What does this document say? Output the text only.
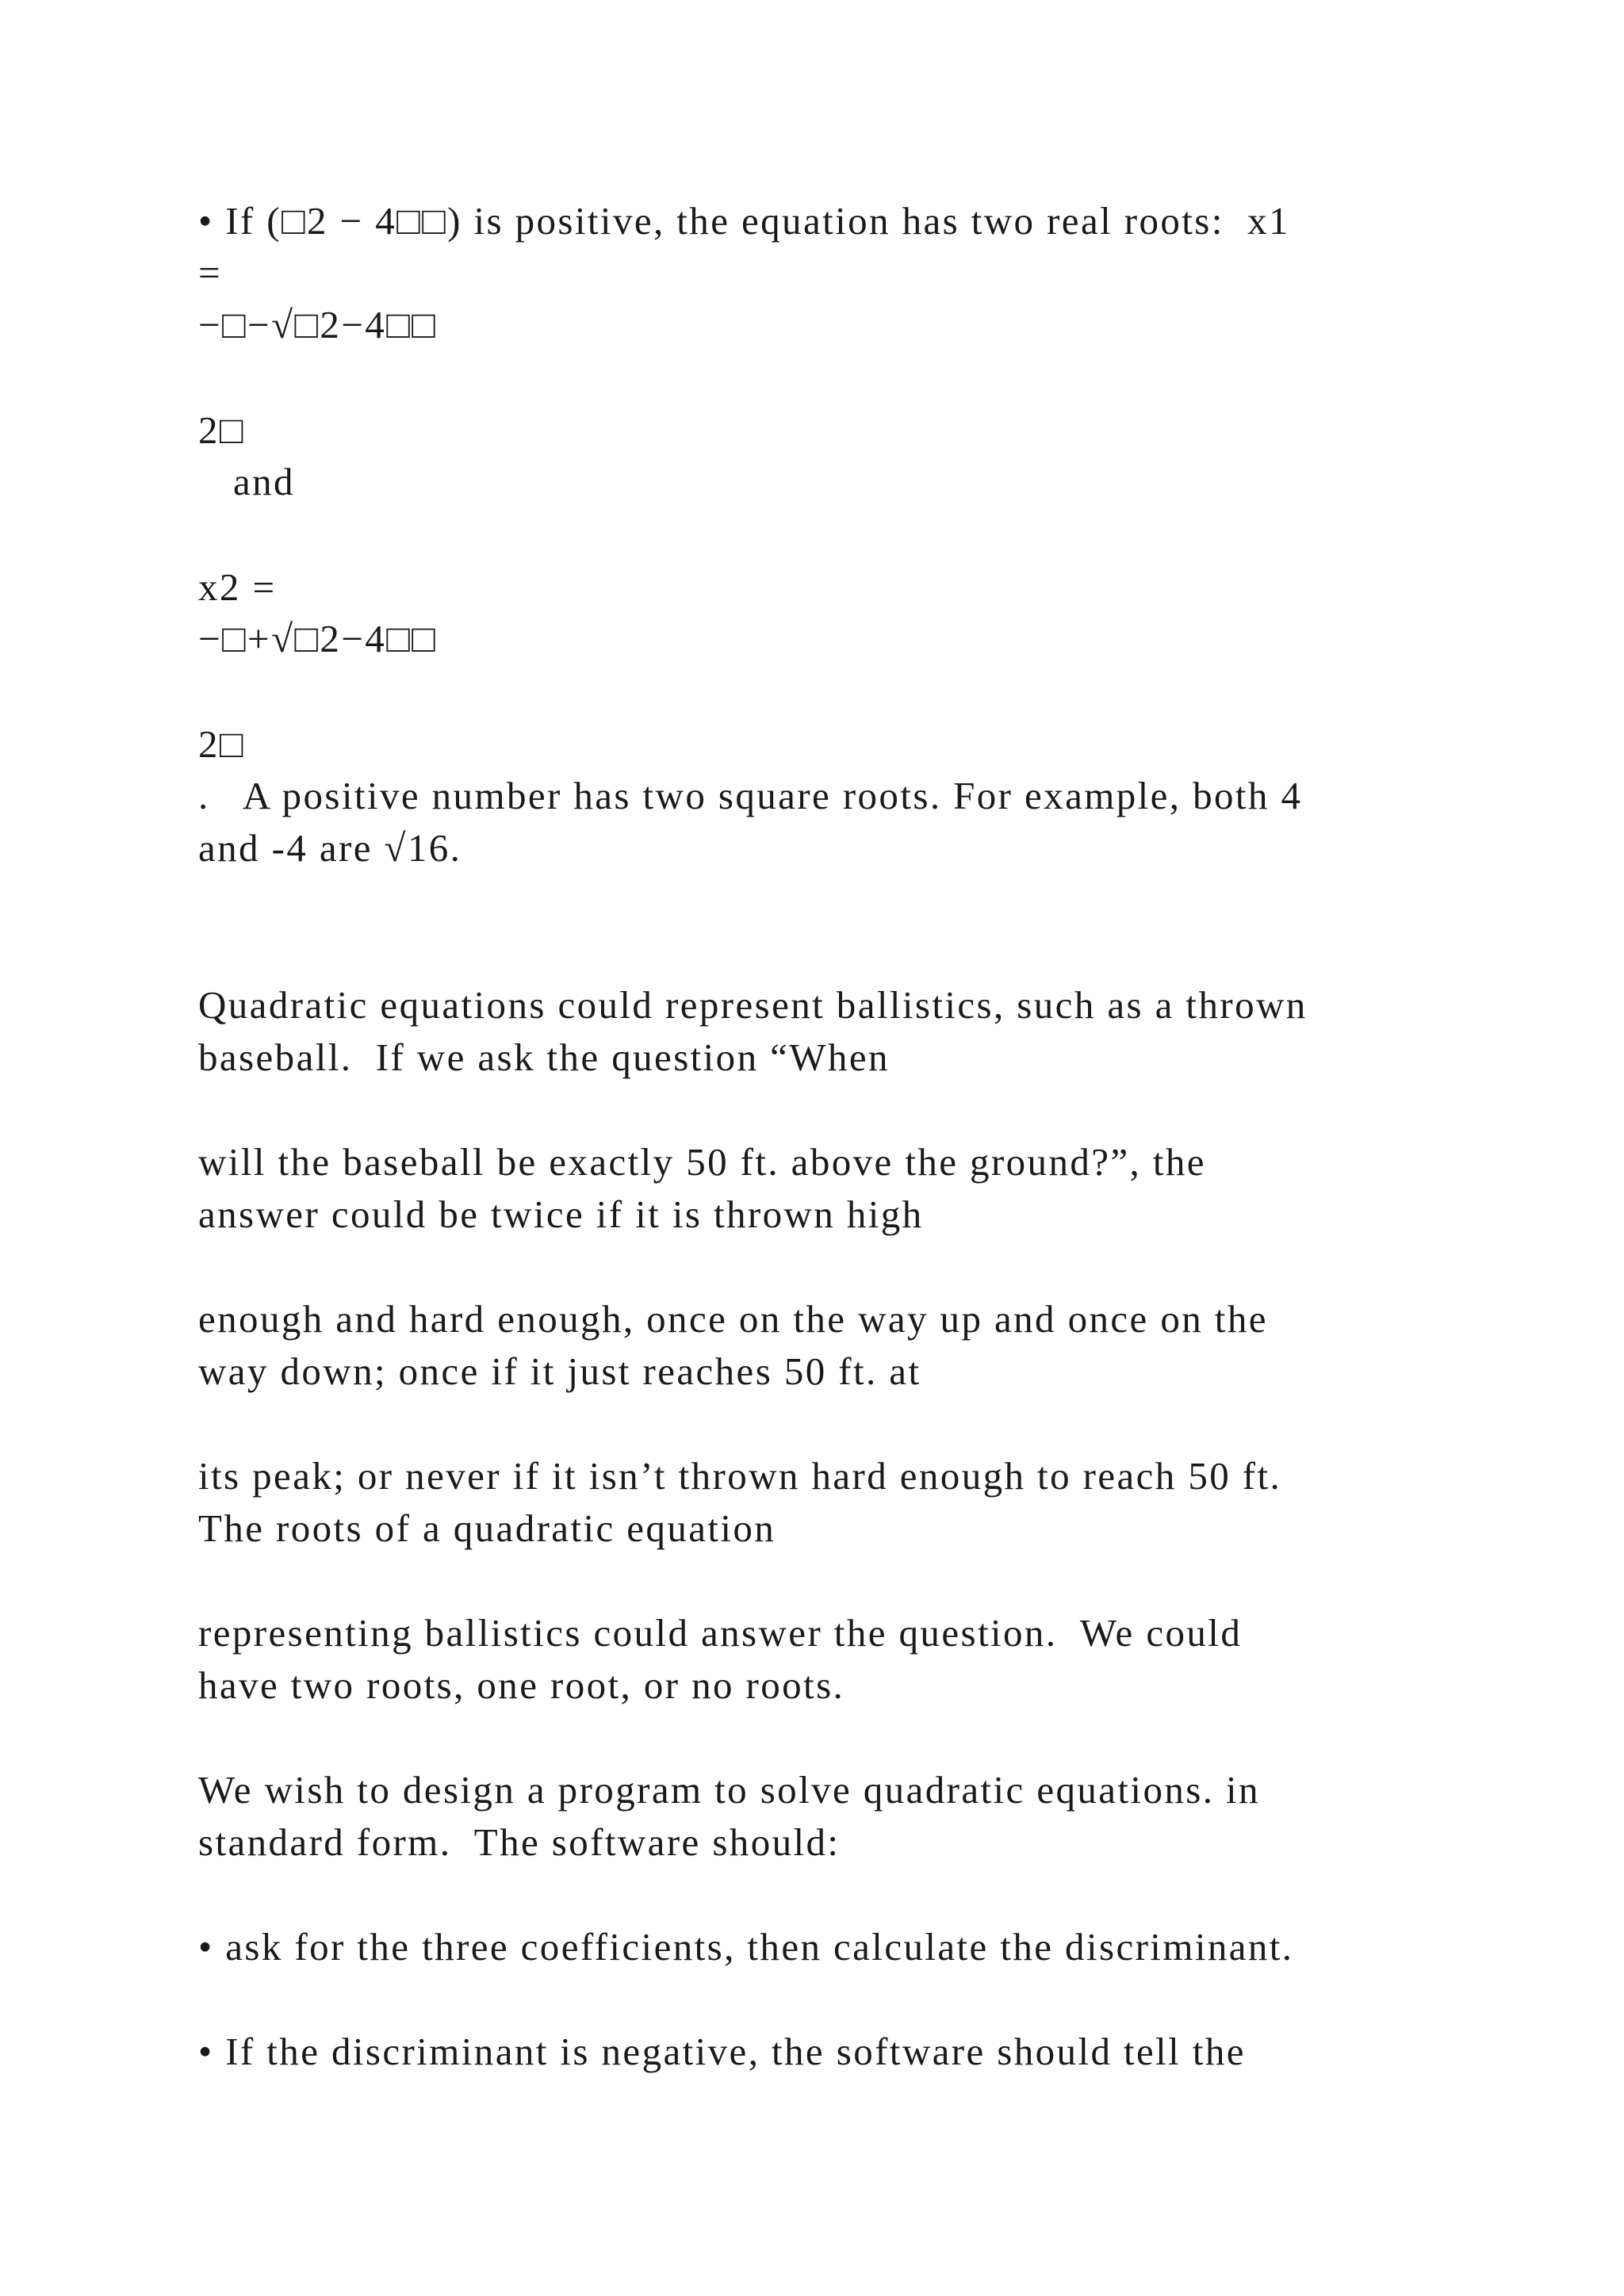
• If (□2 − 4□□) is positive, the equation has two real roots:  x1

=

−□−√□2−4□□

2□

and

x2 =

−□+√□2−4□□

2□

.   A positive number has two square roots. For example, both 4

and -4 are √16.

Quadratic equations could represent ballistics, such as a thrown

baseball.  If we ask the question “When

will the baseball be exactly 50 ft. above the ground?”, the

answer could be twice if it is thrown high

enough and hard enough, once on the way up and once on the

way down; once if it just reaches 50 ft. at

its peak; or never if it isn’t thrown hard enough to reach 50 ft.

The roots of a quadratic equation

representing ballistics could answer the question.  We could

have two roots, one root, or no roots.

We wish to design a program to solve quadratic equations. in

standard form.  The software should:

• ask for the three coefficients, then calculate the discriminant.

• If the discriminant is negative, the software should tell the
